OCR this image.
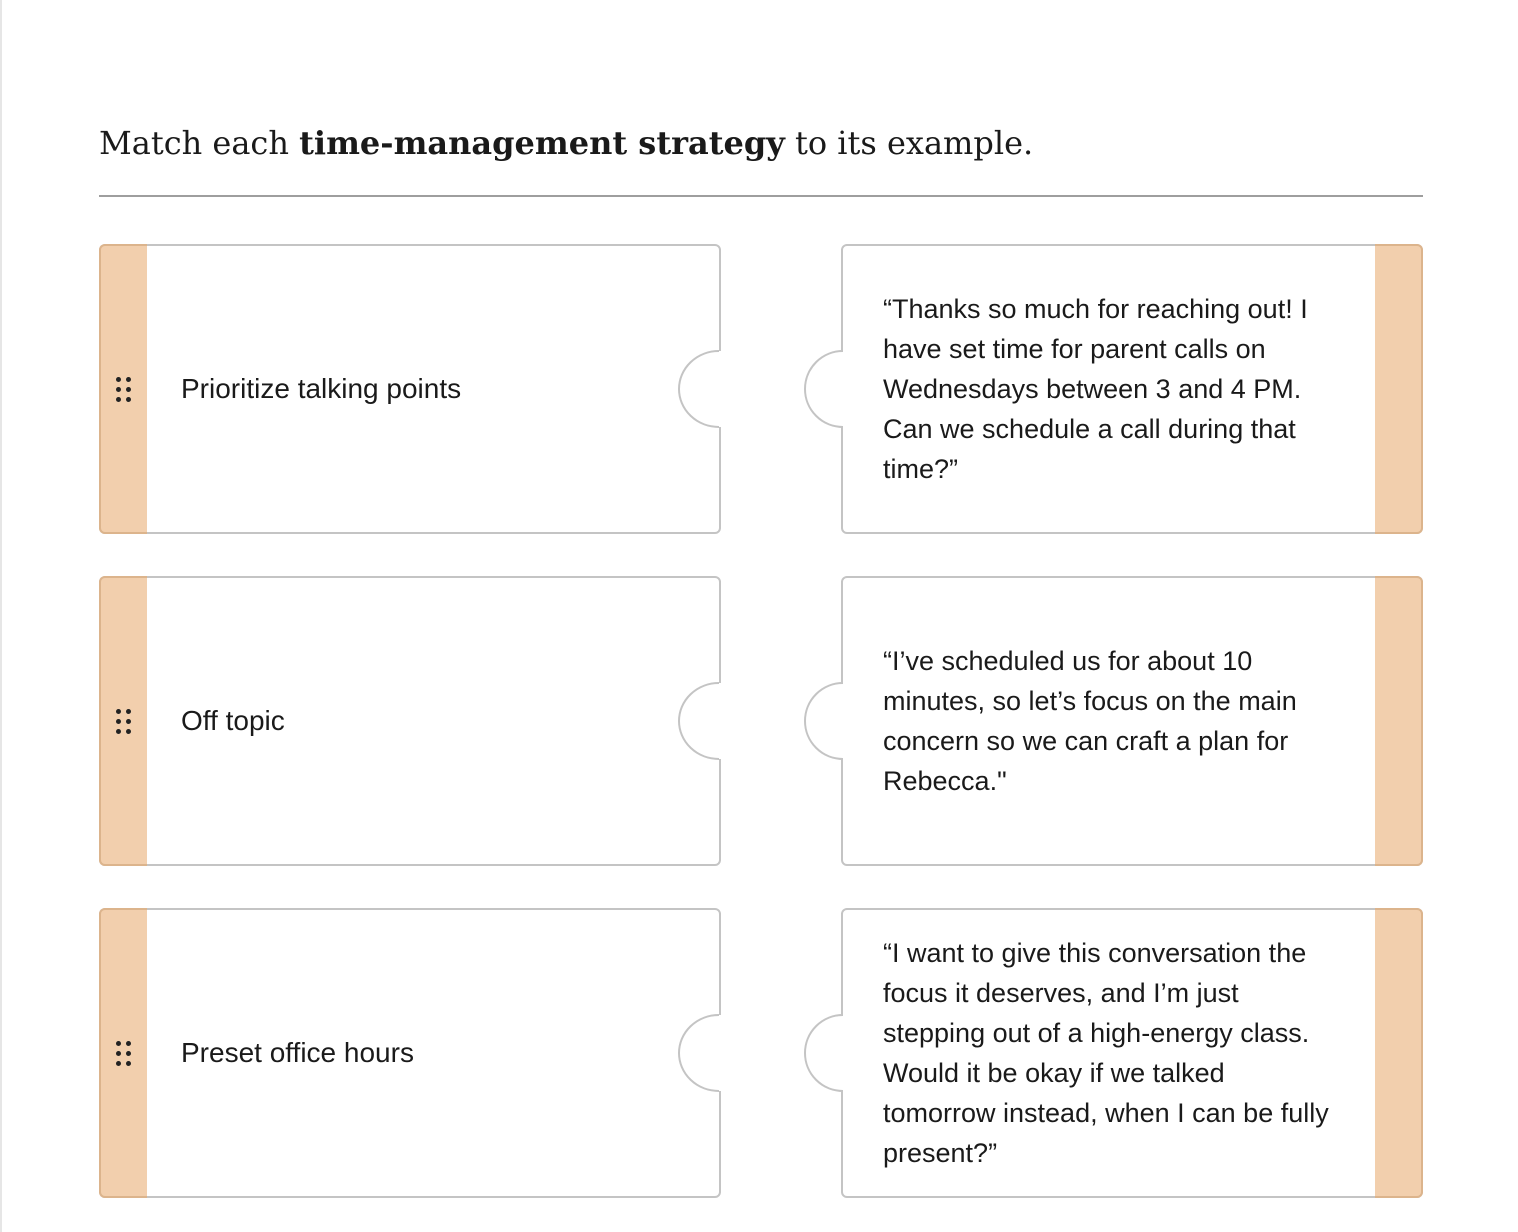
Match each time-management strategy to its example.
Prioritize talking points
“Thanks so much for reaching out! I have set time for parent calls on Wednesdays between 3 and 4 PM. Can we schedule a call during that time?”
Off topic
“I’ve scheduled us for about 10 minutes, so let’s focus on the main concern so we can craft a plan for Rebecca."
Preset office hours
“I want to give this conversation the focus it deserves, and I’m just stepping out of a high-energy class. Would it be okay if we talked tomorrow instead, when I can be fully present?”
